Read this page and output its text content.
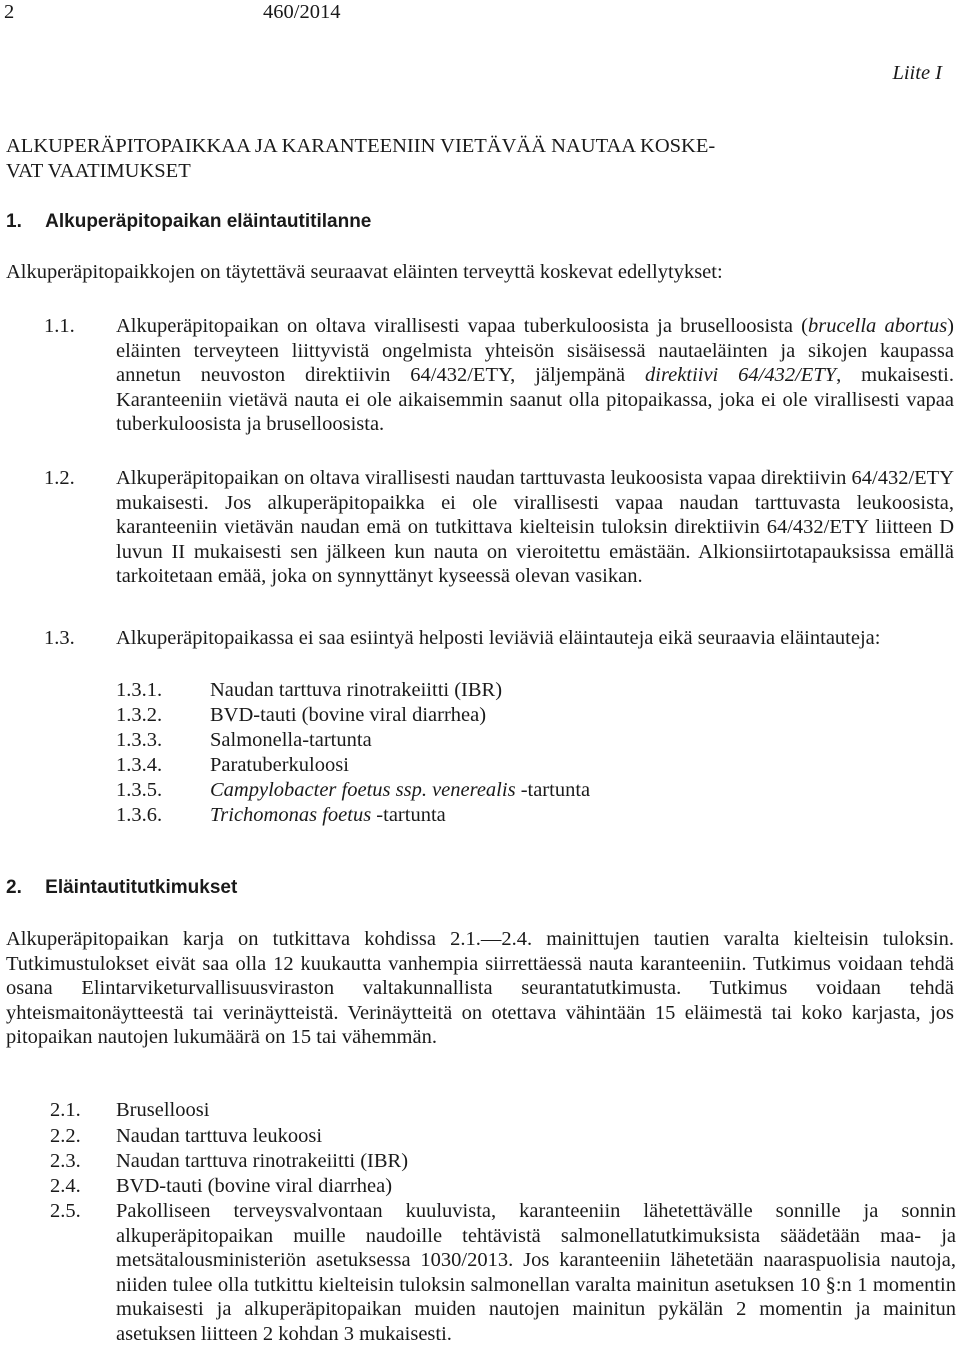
2	460/2014
Liite I
ALKUPERÄPITOPAIKKAA JA KARANTEENIIN VIETÄVÄÄ NAUTAA KOSKE-
VAT VAATIMUKSET
1. Alkuperäpitopaikan eläintautitilanne
Alkuperäpitopaikkojen on täytettävä seuraavat eläinten terveyttä koskevat edellytykset:
1.1. Alkuperäpitopaikan on oltava virallisesti vapaa tuberkuloosista ja bruselloosista (brucella abortus) eläinten terveyteen liittyvistä ongelmista yhteisön sisäisessä nautaeläinten ja sikojen kaupassa annetun neuvoston direktiivin 64/432/ETY, jäljempänä direktiivi 64/432/ETY, mukaisesti. Karanteeniin vietävä nauta ei ole aikaisemmin saanut olla pitopaikassa, joka ei ole virallisesti vapaa tuberkuloosista ja bruselloosista.
1.2. Alkuperäpitopaikan on oltava virallisesti naudan tarttuvasta leukoosista vapaa direktiivin 64/432/ETY mukaisesti. Jos alkuperäpitopaikka ei ole virallisesti vapaa naudan tarttuvasta leukoosista, karanteeniin vietävän naudan emä on tutkittava kielteisin tuloksin direktiivin 64/432/ETY liitteen D luvun II mukaisesti sen jälkeen kun nauta on vieroitettu emästään. Alkionsiirtotapauksissa emällä tarkoitetaan emää, joka on synnyttänyt kyseessä olevan vasikan.
1.3. Alkuperäpitopaikassa ei saa esiintyä helposti leviäviä eläintauteja eikä seuraavia eläintauteja:
1.3.1. Naudan tarttuva rinotrakeiitti (IBR)
1.3.2. BVD-tauti (bovine viral diarrhea)
1.3.3. Salmonella-tartunta
1.3.4. Paratuberkuloosi
1.3.5. Campylobacter foetus ssp. venerealis -tartunta
1.3.6. Trichomonas foetus -tartunta
2. Eläintautitutkimukset
Alkuperäpitopaikan karja on tutkittava kohdissa 2.1.—2.4. mainittujen tautien varalta kielteisin tuloksin. Tutkimustulokset eivät saa olla 12 kuukautta vanhempia siirrettäessä nauta karanteeniin. Tutkimus voidaan tehdä osana Elintarviketurvallisuusviraston valtakunnallista seurantatutkimusta. Tutkimus voidaan tehdä yhteismaitonäytteestä tai verinäytteistä. Verinäytteitä on otettava vähintään 15 eläimestä tai koko karjasta, jos pitopaikan nautojen lukumäärä on 15 tai vähemmän.
2.1. Bruselloosi
2.2. Naudan tarttuva leukoosi
2.3. Naudan tarttuva rinotrakeiitti (IBR)
2.4. BVD-tauti (bovine viral diarrhea)
2.5. Pakolliseen terveysvalvontaan kuuluvista, karanteeniin lähetettävälle sonnille ja sonnin alkuperäpitopaikan muille naudoille tehtävistä salmonellatutkimuksista säädetään maa- ja metsätalousministeriön asetuksessa 1030/2013. Jos karanteeniin lähetetään naaraspuolisia nautoja, niiden tulee olla tutkittu kielteisin tuloksin salmonellan varalta mainitun asetuksen 10 §:n 1 momentin mukaisesti ja alkuperäpitopaikan muiden nautojen mainitun pykälän 2 momentin ja mainitun asetuksen liitteen 2 kohdan 3 mukaisesti.
